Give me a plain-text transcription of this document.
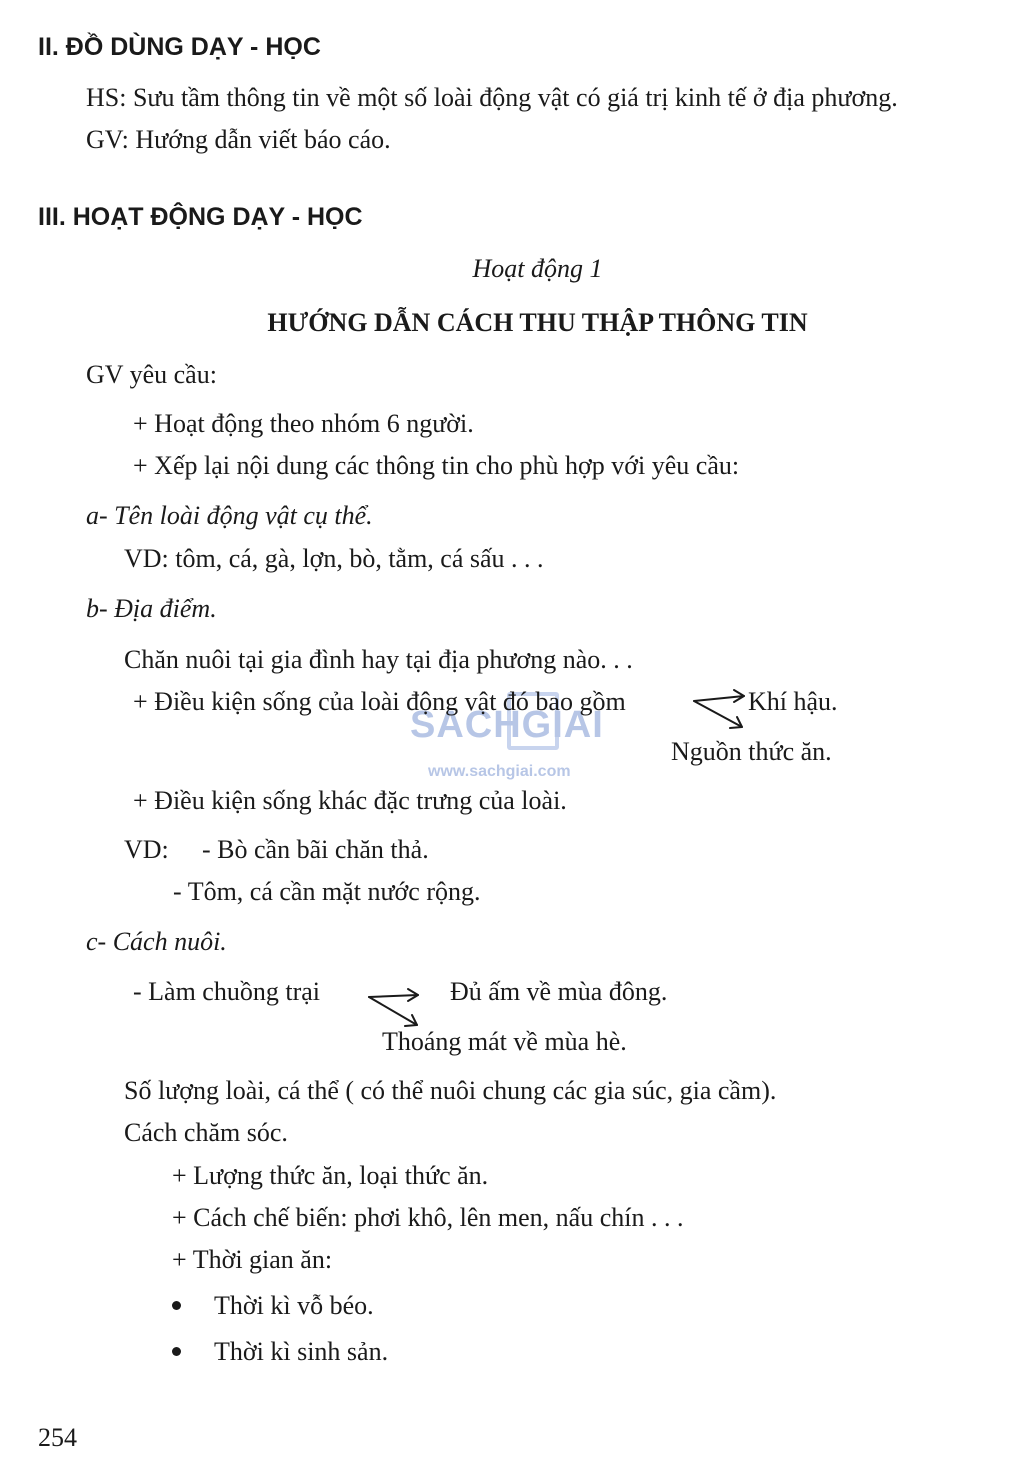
SACHGIAI
www.sachgiai.com
II. ĐỒ DÙNG DẠY - HỌC
HS: Sưu tầm thông tin về một số loài động vật có giá trị kinh tế ở địa phương.
GV: Hướng dẫn viết báo cáo.
III. HOẠT ĐỘNG DẠY - HỌC
Hoạt động 1
HƯỚNG DẪN CÁCH THU THẬP THÔNG TIN
GV yêu cầu:
+ Hoạt động theo nhóm 6 người.
+ Xếp lại nội dung các thông tin cho phù hợp với yêu cầu:
a- Tên loài động vật cụ thể.
VD: tôm, cá, gà, lợn, bò, tằm, cá sấu . . .
b- Địa điểm.
Chăn nuôi tại gia đình hay tại địa phương nào. . .
+ Điều kiện sống của loài động vật đó bao gồm	Khí hậu.
Nguồn thức ăn.
+ Điều kiện sống khác đặc trưng của loài.
VD: - Bò cần bãi chăn thả.
- Tôm, cá cần mặt nước rộng.
c- Cách nuôi.
- Làm chuồng trại	Đủ ấm về mùa đông.
Thoáng mát về mùa hè.
Số lượng loài, cá thể ( có thể nuôi chung các gia súc, gia cầm).
Cách chăm sóc.
+ Lượng thức ăn, loại thức ăn.
+ Cách chế biến: phơi khô, lên men, nấu chín . . .
+ Thời gian ăn:
Thời kì vỗ béo.
Thời kì sinh sản.
254
